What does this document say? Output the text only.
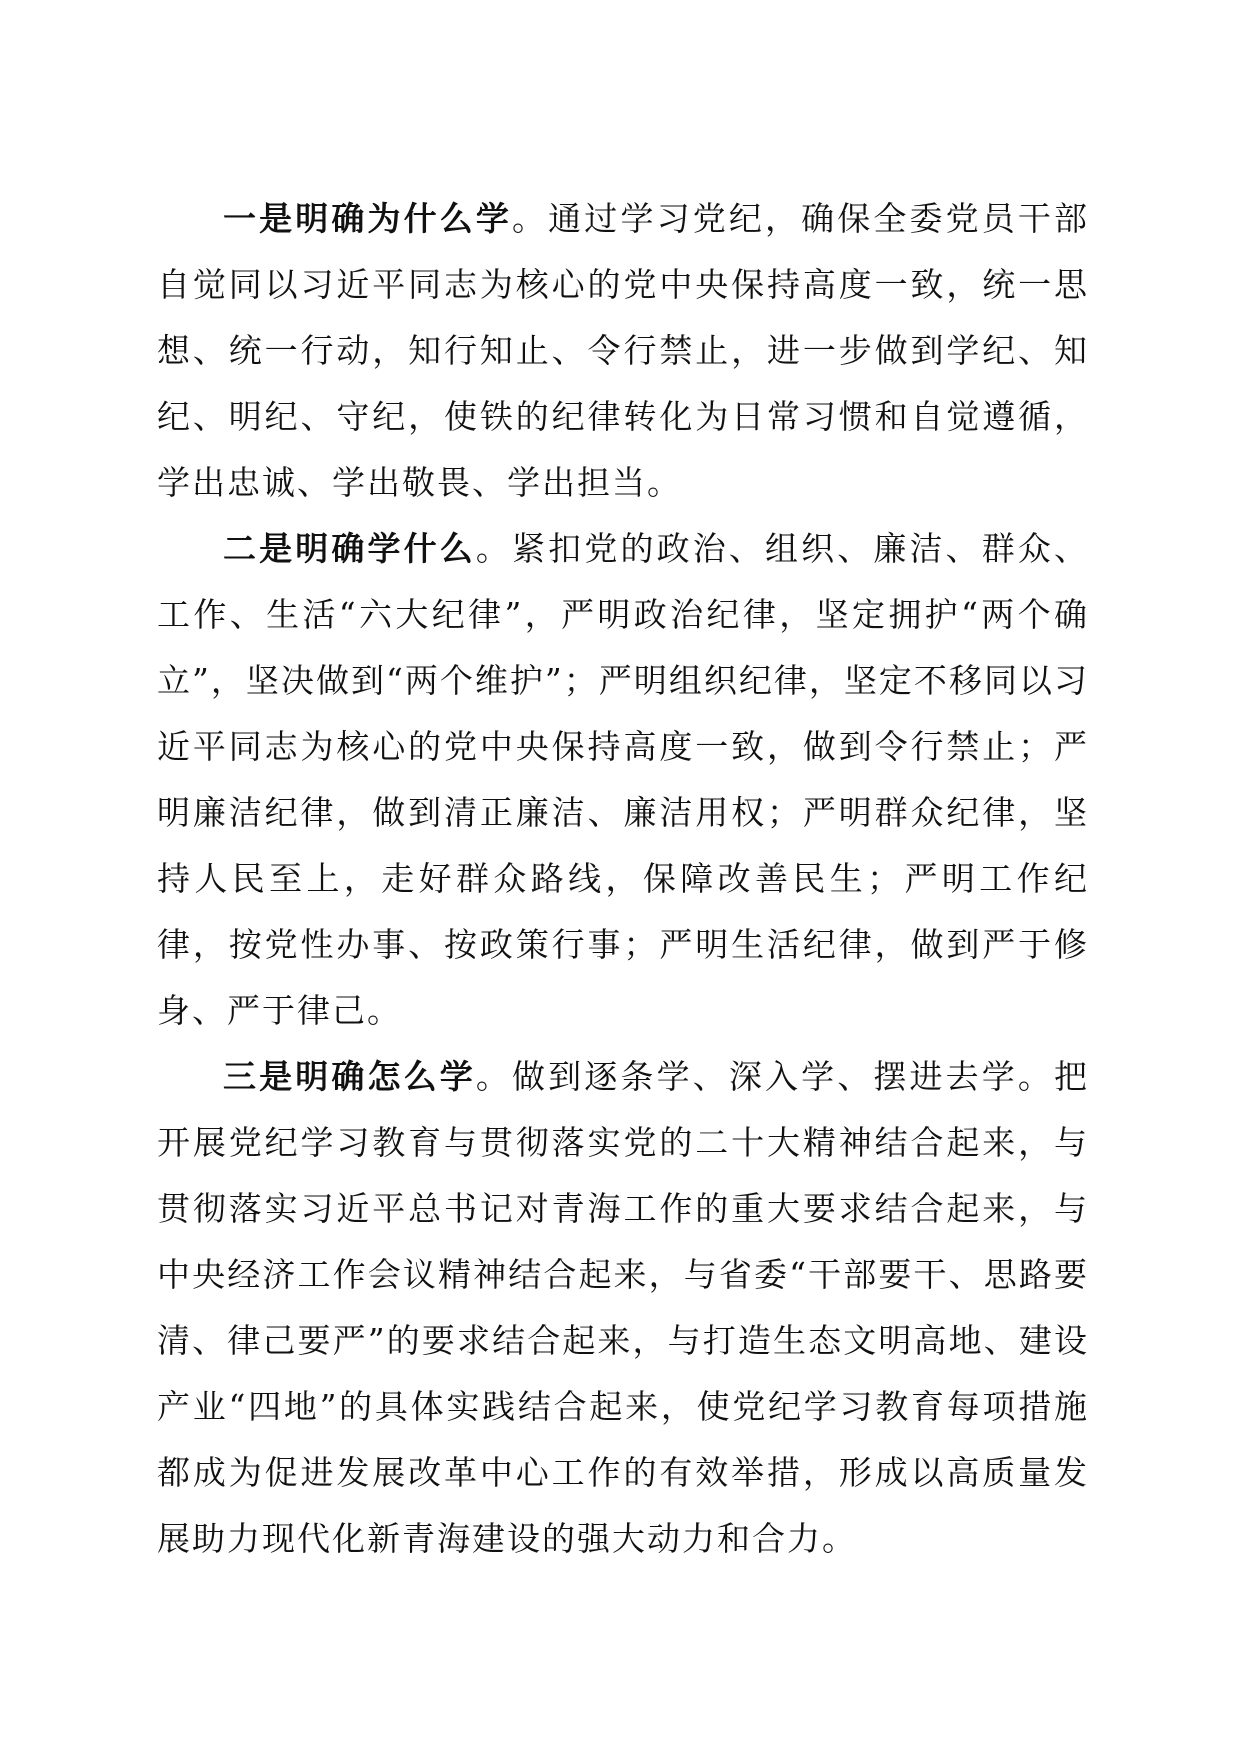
一是明确为什么学。通过学习党纪，确保全委党员干部自觉同以习近平同志为核心的党中央保持高度一致，统一思想、统一行动，知行知止、令行禁止，进一步做到学纪、知纪、明纪、守纪，使铁的纪律转化为日常习惯和自觉遵循，学出忠诚、学出敬畏、学出担当。

二是明确学什么。紧扣党的政治、组织、廉洁、群众、工作、生活“六大纪律”，严明政治纪律，坚定拥护“两个确立”，坚决做到“两个维护”；严明组织纪律，坚定不移同以习近平同志为核心的党中央保持高度一致，做到令行禁止；严明廉洁纪律，做到清正廉洁、廉洁用权；严明群众纪律，坚持人民至上，走好群众路线，保障改善民生；严明工作纪律，按党性办事、按政策行事；严明生活纪律，做到严于修身、严于律己。

三是明确怎么学。做到逐条学、深入学、摆进去学。把开展党纪学习教育与贯彻落实党的二十大精神结合起来，与贯彻落实习近平总书记对青海工作的重大要求结合起来，与中央经济工作会议精神结合起来，与省委“干部要干、思路要清、律己要严”的要求结合起来，与打造生态文明高地、建设产业“四地”的具体实践结合起来，使党纪学习教育每项措施都成为促进发展改革中心工作的有效举措，形成以高质量发展助力现代化新青海建设的强大动力和合力。
